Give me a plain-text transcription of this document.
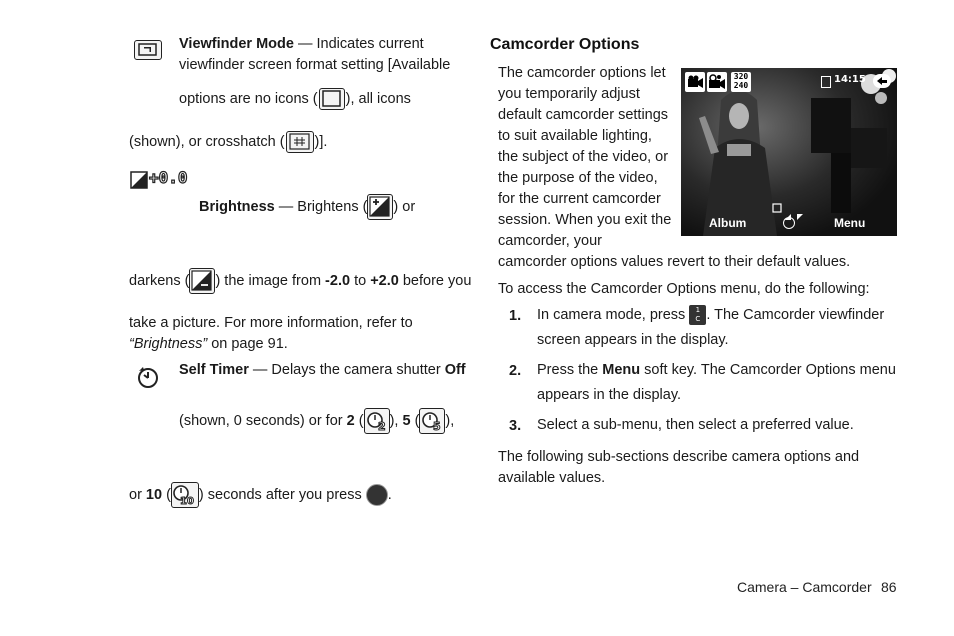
Viewfinder Mode — Indicates current
viewfinder screen format setting [Available
options are no icons ( ), all icons
(shown), or crosshatch ( )].
+0.0
Brightness — Brightens ( ) or
darkens ( ) the image from -2.0 to +2.0 before you
take a picture. For more information, refer to
“Brightness” on page 91.
Self Timer — Delays the camera shutter Off
(shown, 0 seconds) or for 2 ( 2 ), 5 ( 5 ),
or 10 ( 10 ) seconds after you press .
Camcorder Options
The camcorder options let
you temporarily adjust
default camcorder settings
to suit available lighting,
the subject of the video, or
the purpose of the video,
for the current camcorder
session. When you exit the
camcorder, your
camcorder options values revert to their default values.
320
240
14:15
Album	Menu
To access the Camcorder Options menu, do the following:
1. In camera mode, press 1
C . The Camcorder viewfinder
screen appears in the display.
2. Press the Menu soft key. The Camcorder Options menu
appears in the display.
3. Select a sub-menu, then select a preferred value.
The following sub-sections describe camera options and
available values.
Camera – Camcorder 86
